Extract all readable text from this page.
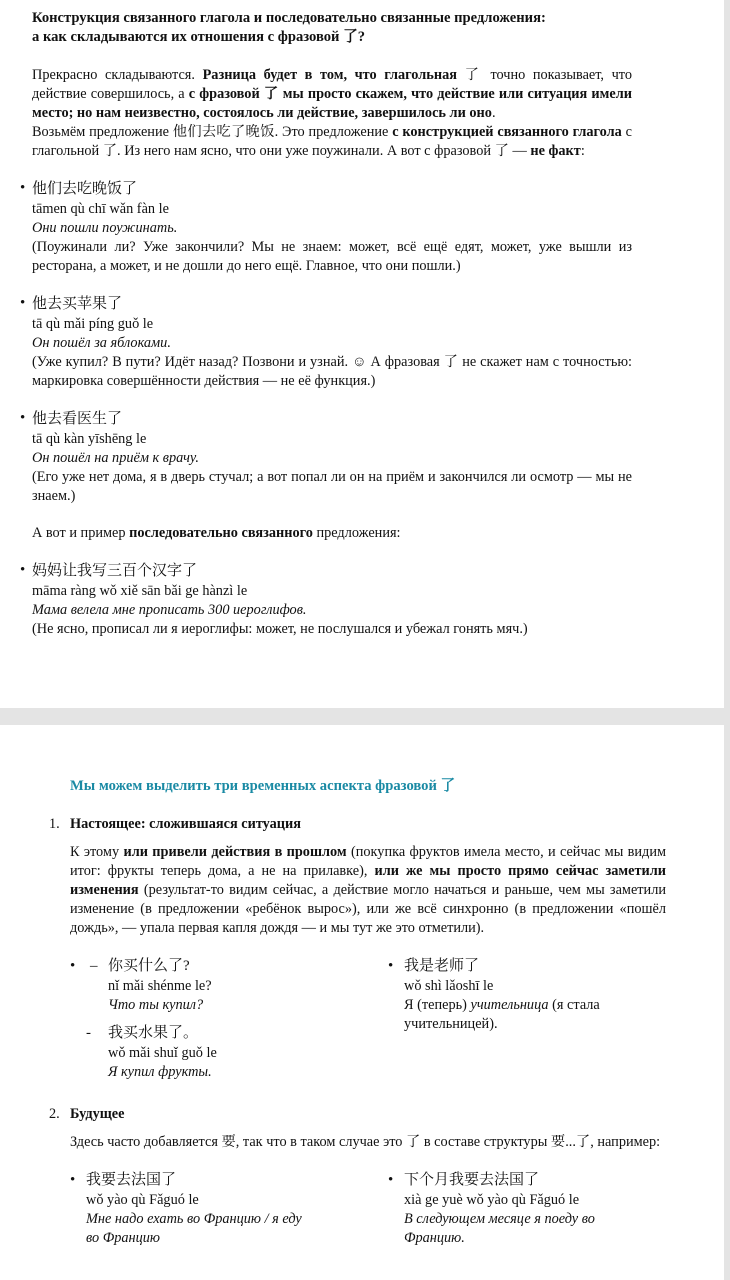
Конструкция связанного глагола и последовательно связанные предложения:
а как складываются их отношения с фразовой 了?

Прекрасно складываются. Разница будет в том, что глагольная 了 точно показывает, что действие совершилось, а с фразовой 了 мы просто скажем, что действие или ситуация имели место; но нам неизвестно, состоялось ли действие, завершилось ли оно.

Возьмём предложение 他们去吃了晚饭. Это предложение с конструкцией связанного глагола с глагольной 了. Из него нам ясно, что они уже поужинали. А вот с фразовой 了 — не факт:

• 他们去吃晚饭了

tāmen qù chī wǎn fàn le

Они пошли поужинать.

(Поужинали ли? Уже закончили? Мы не знаем: может, всё ещё едят, может, уже вышли из ресторана, а может, и не дошли до него ещё. Главное, что они пошли.)

• 他去买苹果了

tā qù mǎi píng guǒ le

Он пошёл за яблоками.

(Уже купил? В пути? Идёт назад? Позвони и узнай. ☺ А фразовая 了 не скажет нам с точностью: маркировка совершённости действия — не её функция.)

• 他去看医生了

tā qù kàn yīshēng le

Он пошёл на приём к врачу.

(Его уже нет дома, я в дверь стучал; а вот попал ли он на приём и закончился ли осмотр — мы не знаем.)

А вот и пример последовательно связанного предложения:

• 妈妈让我写三百个汉字了

māma ràng wǒ xiě sān bǎi ge hànzì le

Мама велела мне прописать 300 иероглифов.

(Не ясно, прописал ли я иероглифы: может, не послушался и убежал гонять мяч.)

Мы можем выделить три временных аспекта фразовой 了

1. Настоящее: сложившаяся ситуация

К этому или привели действия в прошлом (покупка фруктов имела место, и сейчас мы видим итог: фрукты теперь дома, а не на прилавке), или же мы просто прямо сейчас заметили изменения (результат-то видим сейчас, а действие могло начаться и раньше, чем мы заметили изменение (в предложении «ребёнок вырос»), или же всё синхронно (в предложении «пошёл дождь», — упала первая капля дождя — и мы тут же это отметили).

• – 你买什么了?

nǐ mǎi shénme le?

Что ты купил?

- 我买水果了。

wǒ mǎi shuǐ guǒ le

Я купил фрукты.

• 我是老师了

wǒ shì lǎoshī le

Я (теперь) учительница (я стала учительницей).

2. Будущее

Здесь часто добавляется 要, так что в таком случае это 了 в составе структуры 要...了, например:

• 我要去法国了

wǒ yào qù Fǎguó le

Мне надо ехать во Францию / я еду во Францию

• 下个月我要去法国了

xià ge yuè wǒ yào qù Fǎguó le

В следующем месяце я поеду во Францию.
